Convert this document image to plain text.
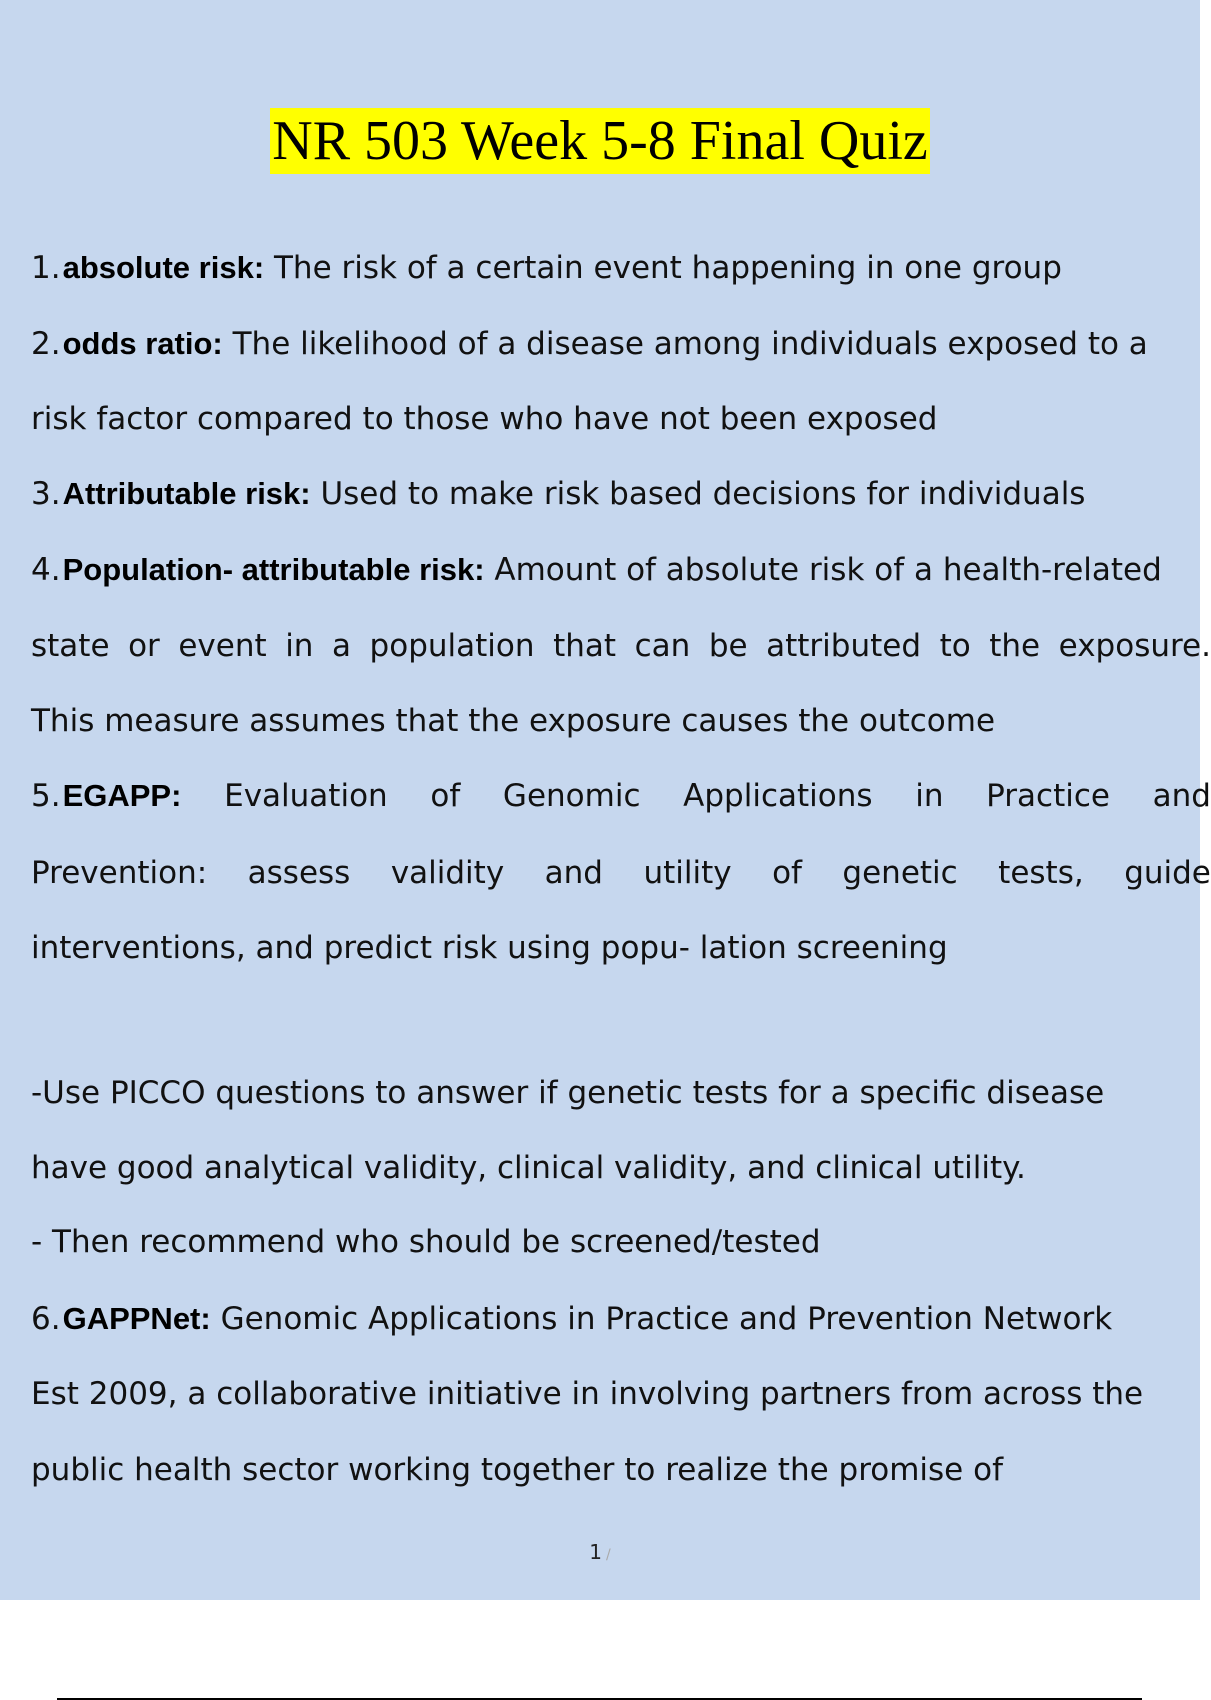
NR 503 Week 5-8 Final Quiz
1.absolute risk: The risk of a certain event happening in one group
2.odds ratio: The likelihood of a disease among individuals exposed to a
risk factor compared to those who have not been exposed
3.Attributable risk: Used to make risk based decisions for individuals
4.Population- attributable risk: Amount of absolute risk of a health-related
state or event in a population that can be attributed to the exposure.
This measure assumes that the exposure causes the outcome
5.EGAPP: Evaluation of Genomic Applications in Practice and
Prevention: assess validity and utility of genetic tests, guide
interventions, and predict risk using popu- lation screening
-Use PICCO questions to answer if genetic tests for a specific disease
have good analytical validity, clinical validity, and clinical utility.
- Then recommend who should be screened/tested
6.GAPPNet: Genomic Applications in Practice and Prevention Network
Est 2009, a collaborative initiative in involving partners from across the
public health sector working together to realize the promise of
1 /
